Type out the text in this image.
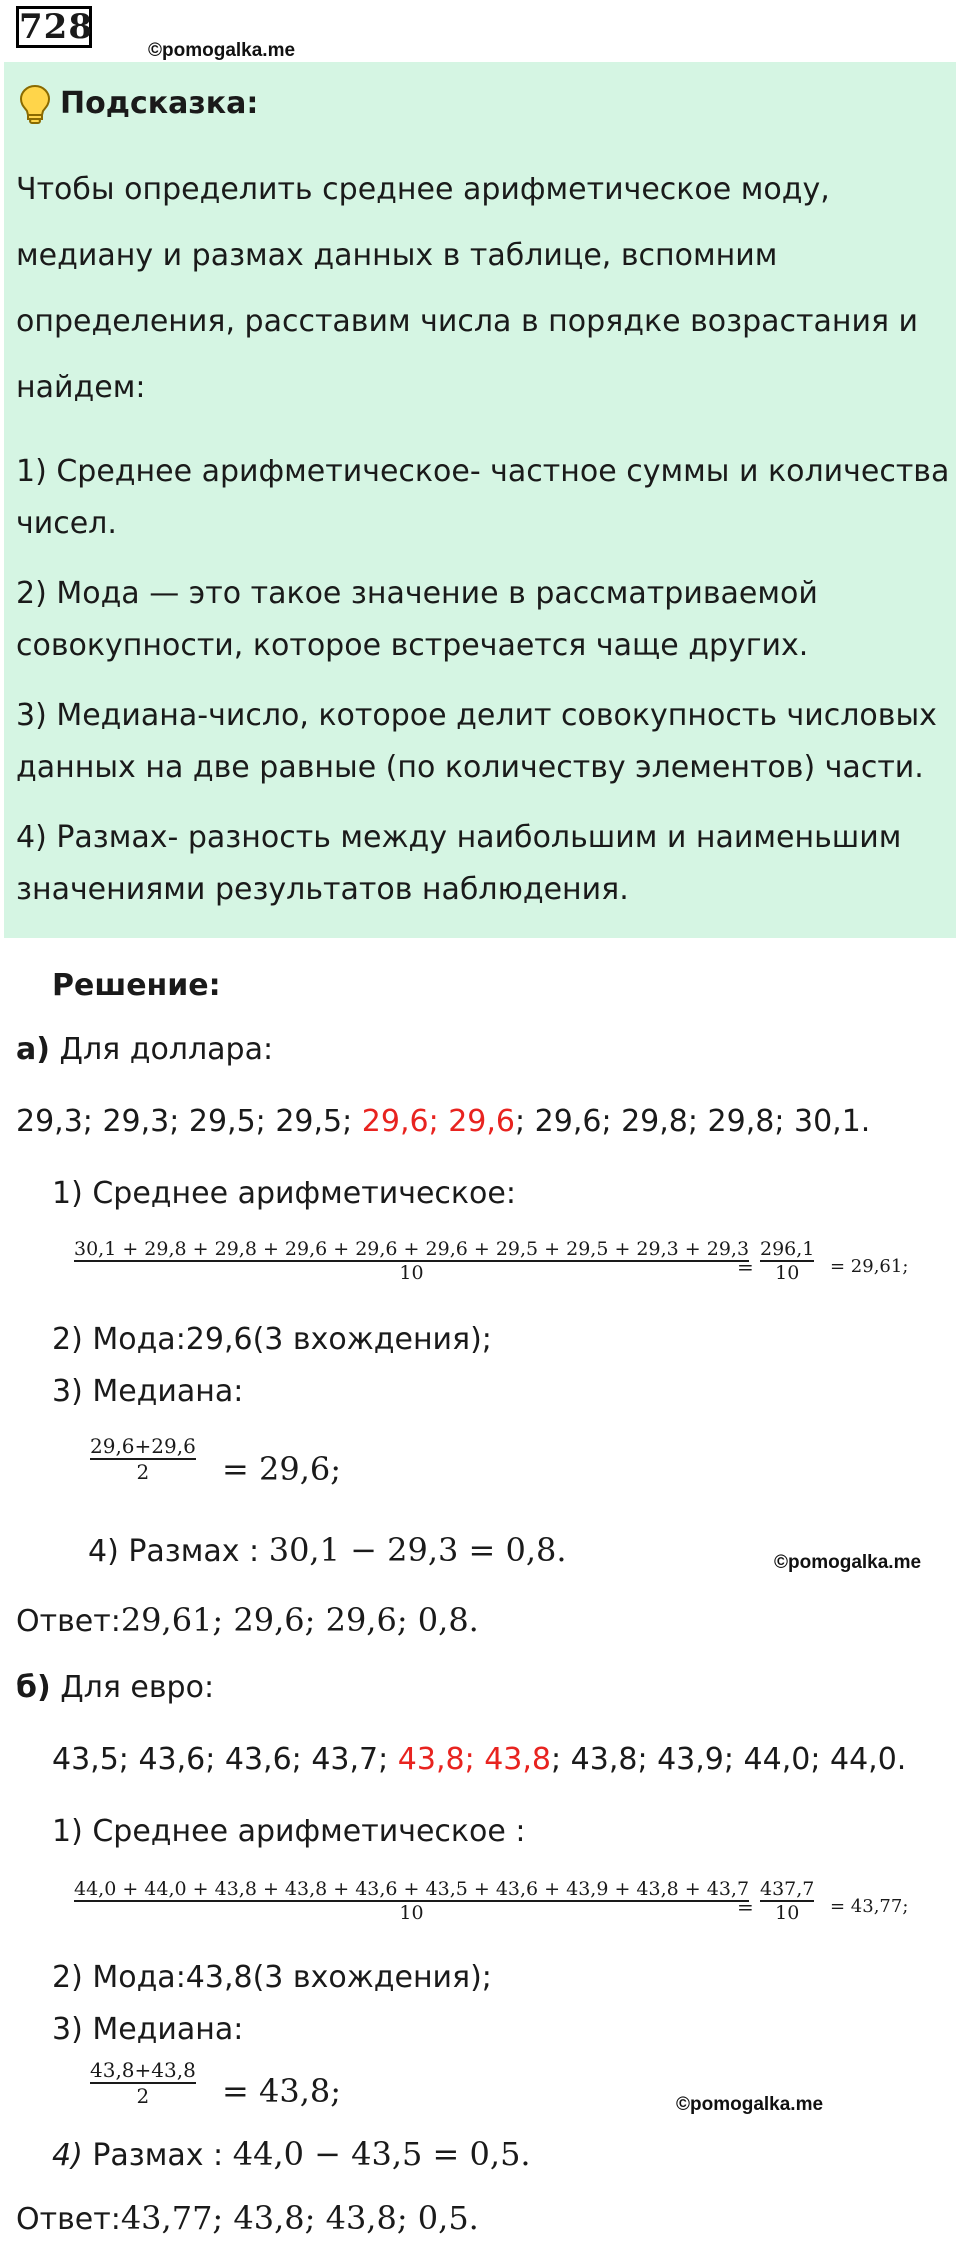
728
©pomogalka.me
Подсказка:
Чтобы определить среднее арифметическое моду,
медиану и размах данных в таблице, вспомним
определения, расставим числа в порядке возрастания и
найдем:
1) Среднее арифметическое- частное суммы и количества
чисел.
2) Мода — это такое значение в рассматриваемой
совокупности, которое встречается чаще других.
3) Медиана-число, которое делит совокупность числовых
данных на две равные (по количеству элементов) части.
4) Размах- разность между наибольшим и наименьшим
значениями результатов наблюдения.
Решение:
а) Для доллара:
29,3; 29,3; 29,5; 29,5; 29,6; 29,6; 29,6; 29,8; 29,8; 30,1.
1) Среднее арифметическое:
30,1 + 29,8 + 29,8 + 29,6 + 29,6 + 29,6 + 29,5 + 29,5 + 29,3 + 29,3
10	=
296,1
10	= 29,61;
2) Мода:29,6(3 вхождения);
3) Медиана:
29,6+29,6
2	= 29,6;
4) Размах : 30,1 − 29,3 = 0,8.	©pomogalka.me
Ответ:29,61; 29,6; 29,6; 0,8.
б) Для евро:
43,5; 43,6; 43,6; 43,7; 43,8; 43,8; 43,8; 43,9; 44,0; 44,0.
1) Среднее арифметическое :
44,0 + 44,0 + 43,8 + 43,8 + 43,6 + 43,5 + 43,6 + 43,9 + 43,8 + 43,7
10	=
437,7
10	= 43,77;
2) Мода:43,8(3 вхождения);
3) Медиана:
43,8+43,8
2	= 43,8;	©pomogalka.me
4) Размах : 44,0 − 43,5 = 0,5.
Ответ:43,77; 43,8; 43,8; 0,5.
